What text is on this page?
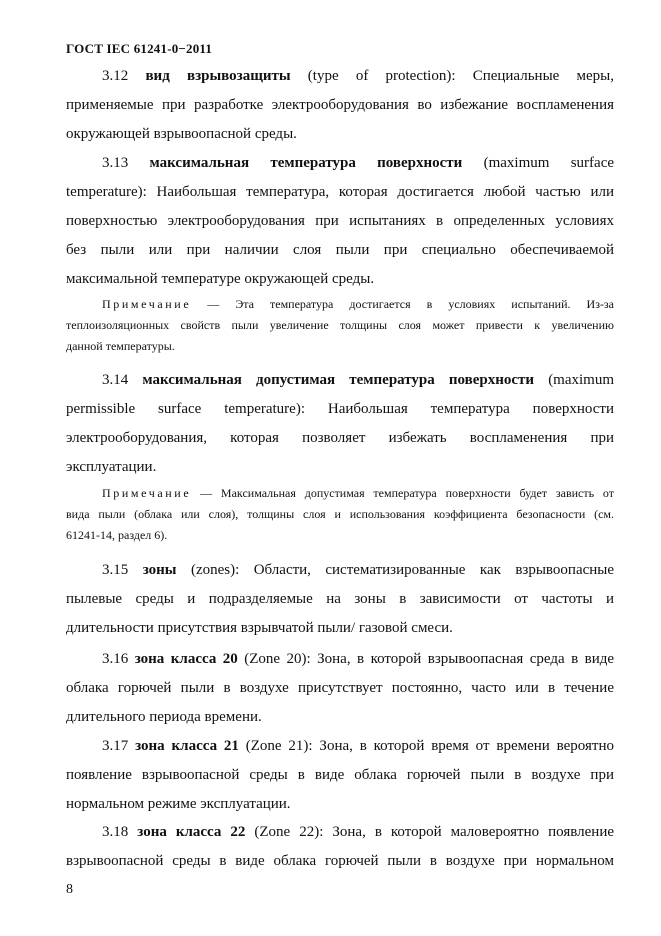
ГОСТ IEC 61241-0−2011

3.12 вид взрывозащиты (type of protection): Специальные меры,
применяемые при разработке электрооборудования во избежание воспламенения
окружающей взрывоопасной среды.

3.13 максимальная температура поверхности (maximum surface
temperature): Наибольшая температура, которая достигается любой частью или
поверхностью электрооборудования при испытаниях в определенных условиях
без пыли или при наличии слоя пыли при специально обеспечиваемой
максимальной температуре окружающей среды.

Примечание — Эта температура достигается в условиях испытаний. Из-за
теплоизоляционных свойств пыли увеличение толщины слоя может привести к увеличению
данной температуры.

3.14 максимальная допустимая температура поверхности (maximum
permissible surface temperature): Наибольшая температура поверхности
электрооборудования, которая позволяет избежать воспламенения при
эксплуатации.

Примечание — Максимальная допустимая температура поверхности будет зависть от
вида пыли (облака или слоя), толщины слоя и использования коэффициента безопасности (см.
61241-14, раздел 6).

3.15 зоны (zones): Области, систематизированные как взрывоопасные
пылевые среды и подразделяемые на зоны в зависимости от частоты и
длительности присутствия взрывчатой пыли/ газовой смеси.

3.16 зона класса 20 (Zone 20): Зона, в которой взрывоопасная среда в виде
облака горючей пыли в воздухе присутствует постоянно, часто или в течение
длительного периода времени.

3.17 зона класса 21 (Zone 21): Зона, в которой время от времени вероятно
появление взрывоопасной среды в виде облака горючей пыли в воздухе при
нормальном режиме эксплуатации.

3.18 зона класса 22 (Zone 22): Зона, в которой маловероятно появление
взрывоопасной среды в виде облака горючей пыли в воздухе при нормальном

8
